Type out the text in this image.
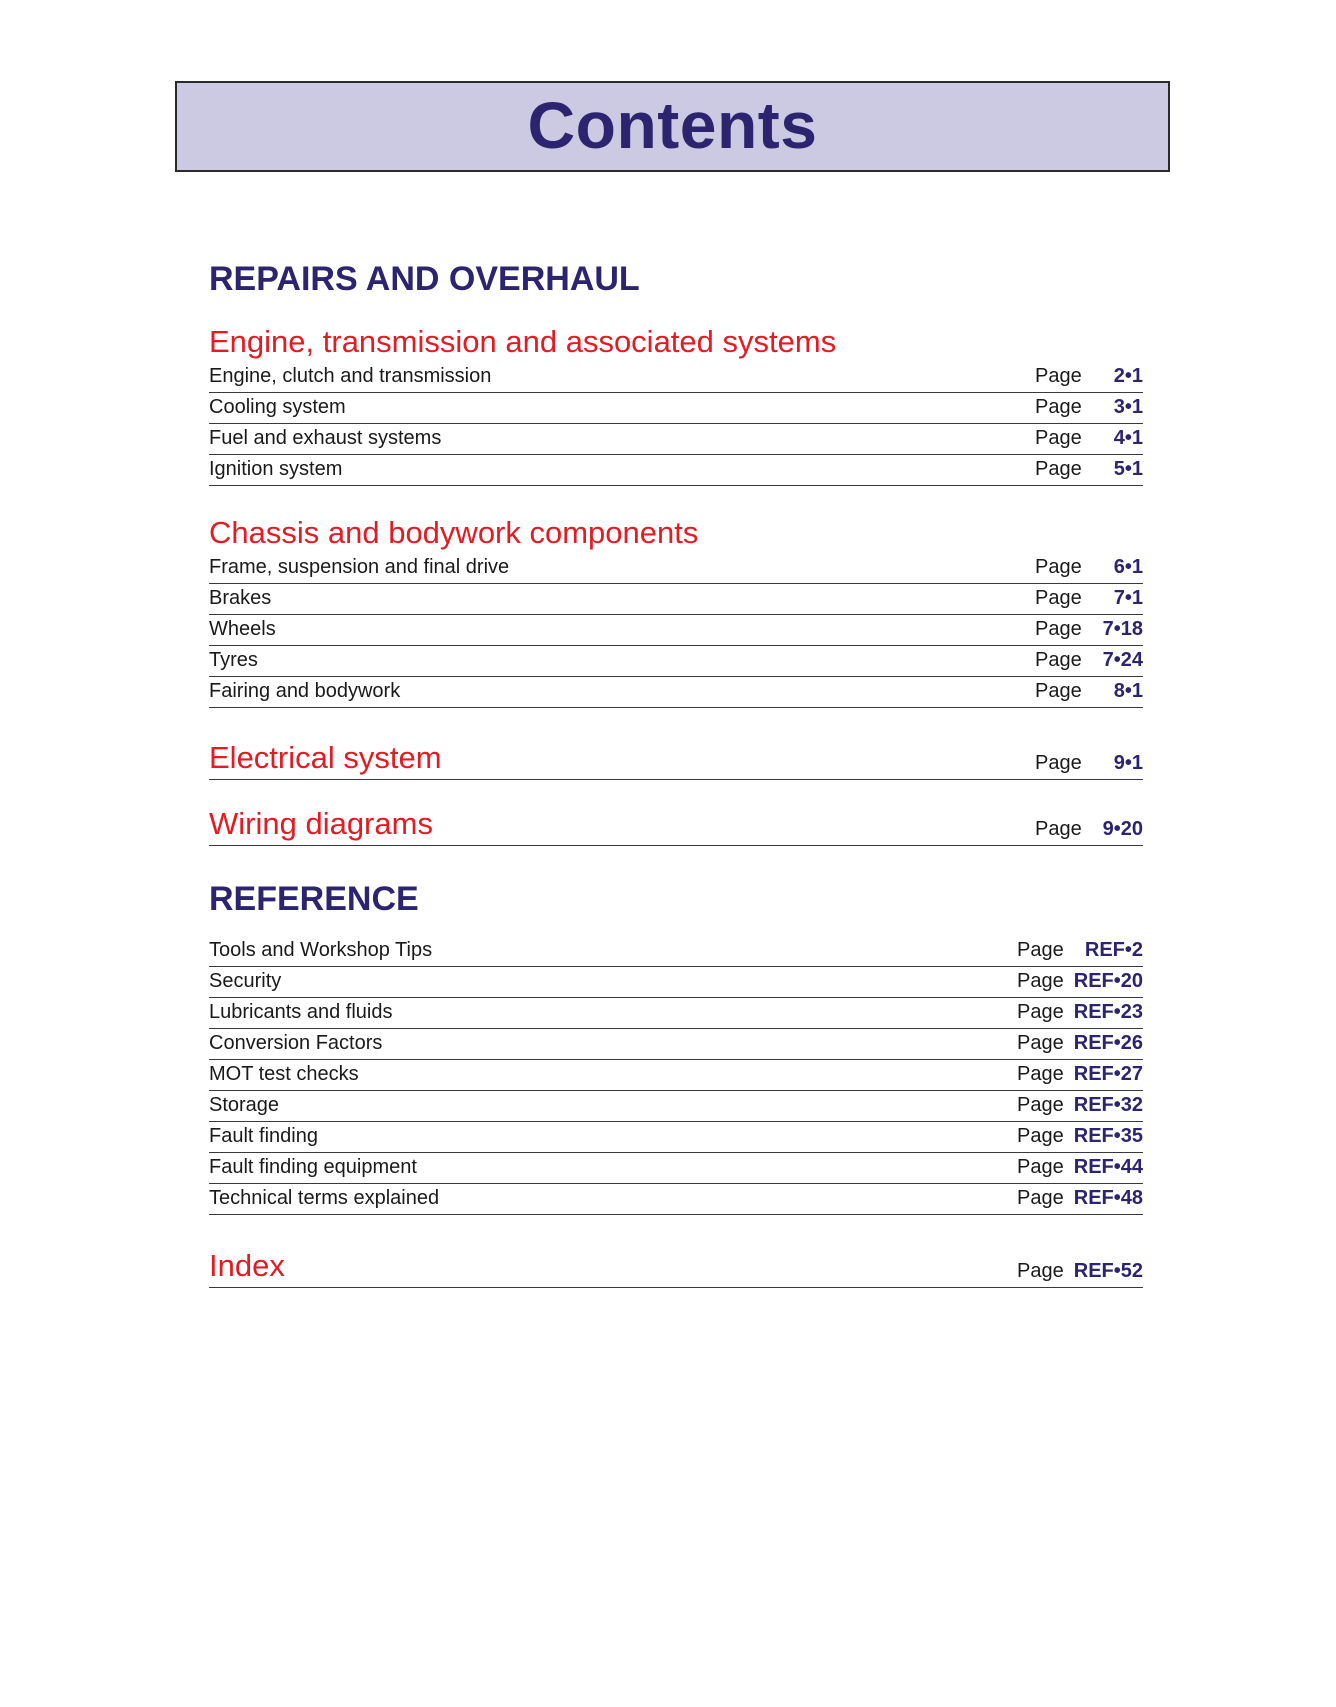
Contents
REPAIRS AND OVERHAUL
Engine, transmission and associated systems
Engine, clutch and transmission	Page 2•1
Cooling system	Page 3•1
Fuel and exhaust systems	Page 4•1
Ignition system	Page 5•1
Chassis and bodywork components
Frame, suspension and final drive	Page 6•1
Brakes	Page 7•1
Wheels	Page 7•18
Tyres	Page 7•24
Fairing and bodywork	Page 8•1
Electrical system	Page 9•1
Wiring diagrams	Page 9•20
REFERENCE
Tools and Workshop Tips	Page REF•2
Security	Page REF•20
Lubricants and fluids	Page REF•23
Conversion Factors	Page REF•26
MOT test checks	Page REF•27
Storage	Page REF•32
Fault finding	Page REF•35
Fault finding equipment	Page REF•44
Technical terms explained	Page REF•48
Index	Page REF•52
